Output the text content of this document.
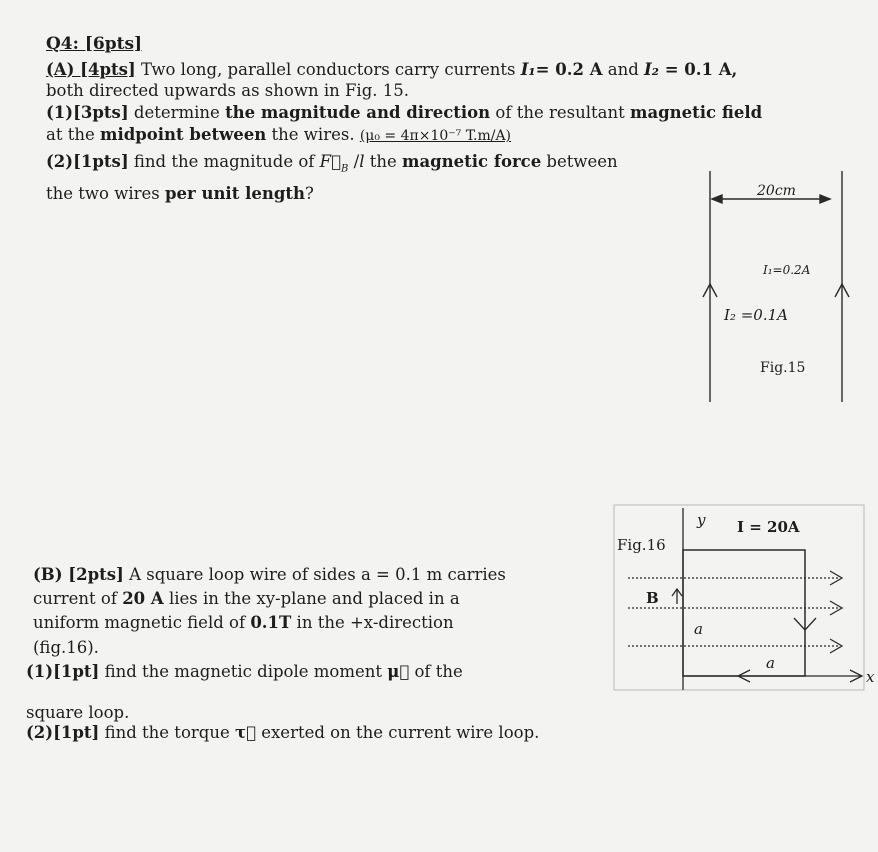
Q4: [6pts]
(A) [4pts] Two long, parallel conductors carry currents I₁= 0.2 A and I₂ = 0.1 A,
both directed upwards as shown in Fig. 15.
(1)[3pts] determine the magnitude and direction of the resultant magnetic field
at the midpoint between the wires. (μ₀ = 4π×10⁻⁷ T.m/A)
(2)[1pts] find the magnitude of $F⃗_B$ /l the magnetic force between
the two wires per unit length?
(B) [2pts] A square loop wire of sides a = 0.1 m carries
current of 20 A lies in the xy-plane and placed in a
uniform magnetic field of 0.1T in the +x-direction
(fig.16).
(1)[1pt] find the magnetic dipole moment μ⃗ of the
square loop.
(2)[1pt] find the torque τ⃗ exerted on the current wire loop.
20cm
I₁=0.2A
I₂ =0.1A
Fig.15
Fig.16
y I = 20A
B
a
a
x
